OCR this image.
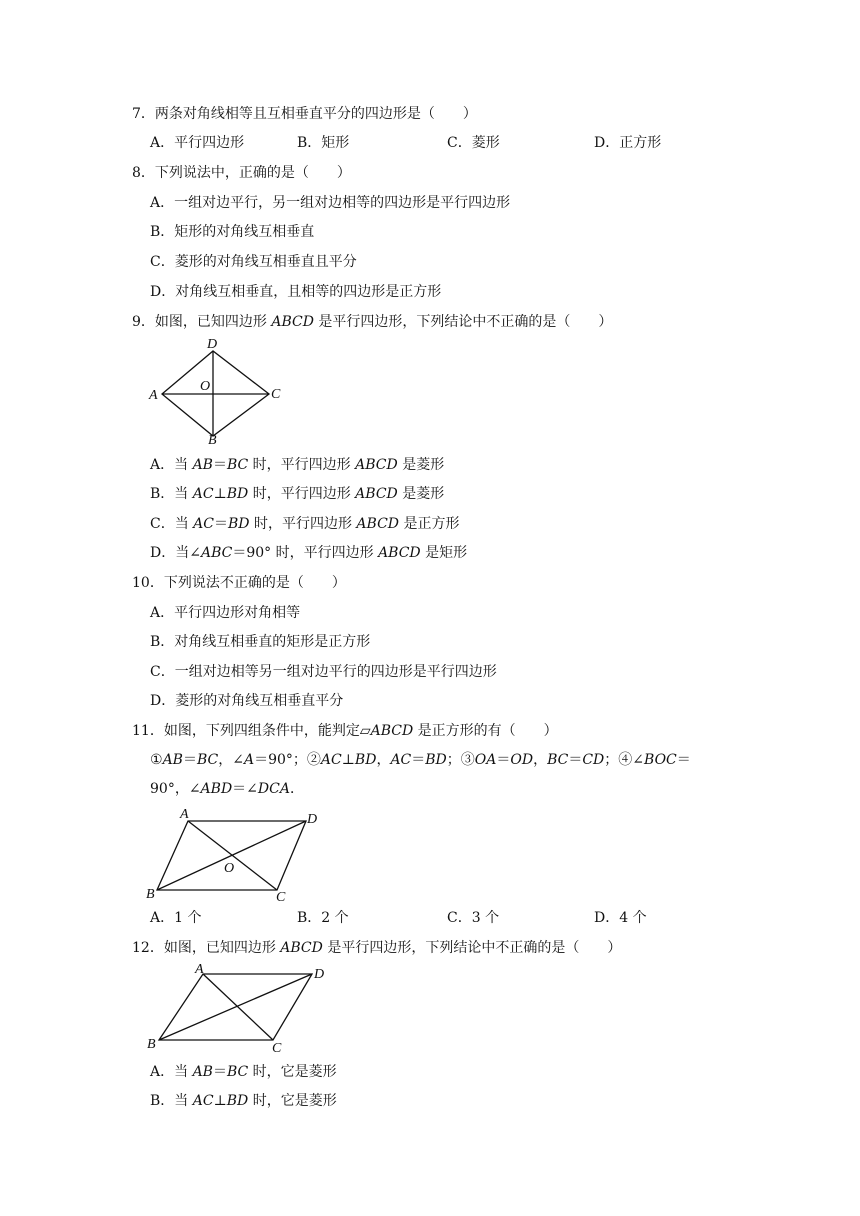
7．两条对角线相等且互相垂直平分的四边形是（　　）
A．平行四边形	B．矩形	C．菱形	D．正方形
8．下列说法中，正确的是（　　）
A．一组对边平行，另一组对边相等的四边形是平行四边形
B．矩形的对角线互相垂直
C．菱形的对角线互相垂直且平分
D．对角线互相垂直，且相等的四边形是正方形
9．如图，已知四边形 ABCD 是平行四边形，下列结论中不正确的是（　　）
D
A	C
B
O
A．当 AB＝BC 时，平行四边形 ABCD 是菱形
B．当 AC⊥BD 时，平行四边形 ABCD 是菱形
C．当 AC＝BD 时，平行四边形 ABCD 是正方形
D．当∠ABC＝90° 时，平行四边形 ABCD 是矩形
10．下列说法不正确的是（　　）
A．平行四边形对角相等
B．对角线互相垂直的矩形是正方形
C．一组对边相等另一组对边平行的四边形是平行四边形
D．菱形的对角线互相垂直平分
11．如图，下列四组条件中，能判定▱ABCD 是正方形的有（　　）
①AB＝BC，∠A＝90°；②AC⊥BD，AC＝BD；③OA＝OD，BC＝CD；④∠BOC＝
90°，∠ABD＝∠DCA．
A	D
B	C
O
A．1 个	B．2 个	C．3 个	D．4 个
12．如图，已知四边形 ABCD 是平行四边形，下列结论中不正确的是（　　）
A	D
B	C
A．当 AB＝BC 时，它是菱形
B．当 AC⊥BD 时，它是菱形
